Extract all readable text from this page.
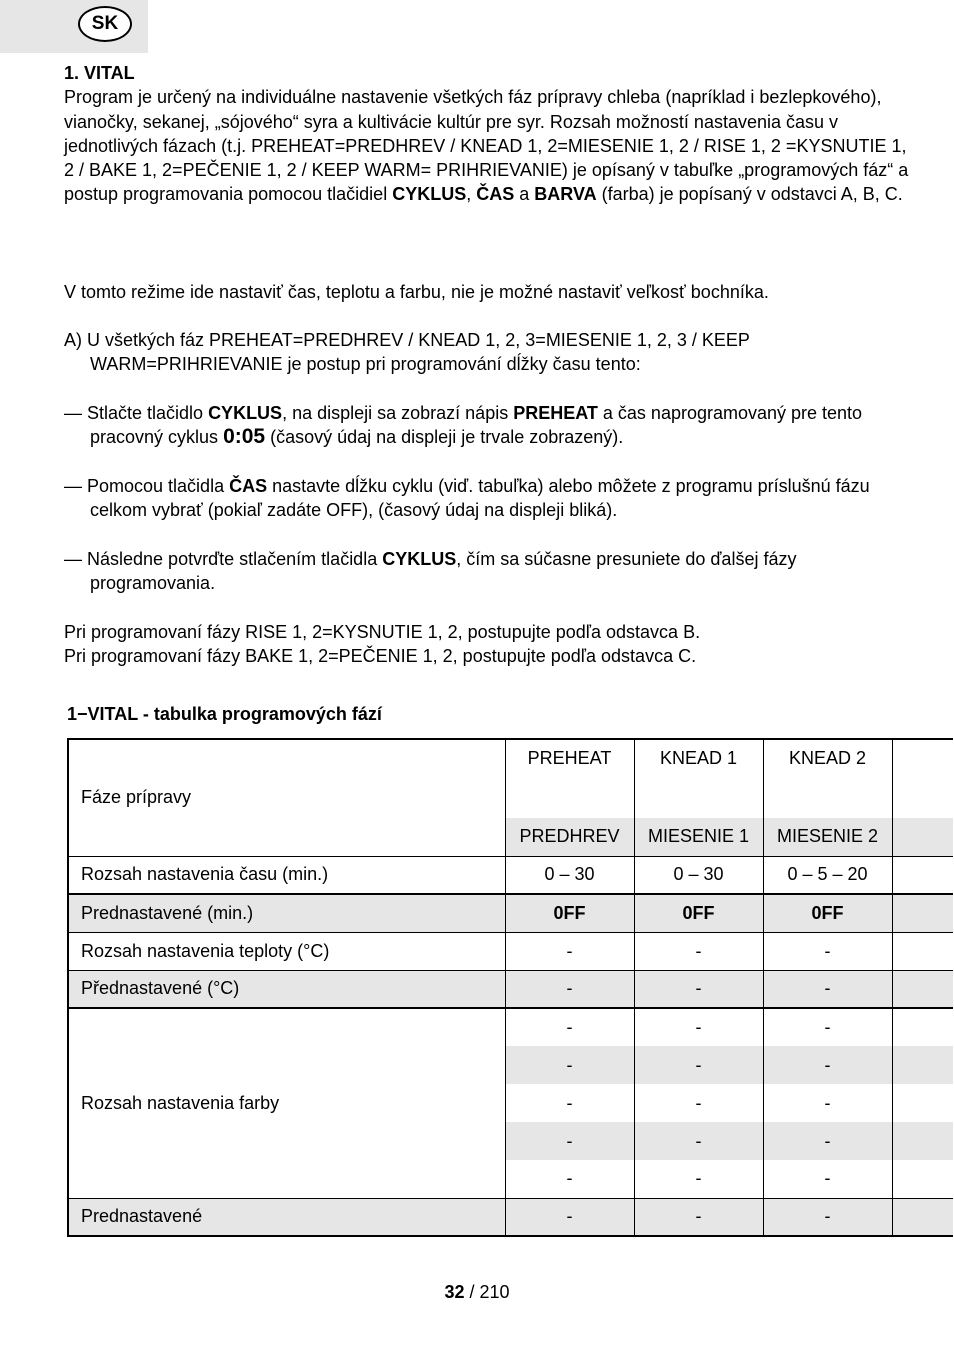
SK

1. VITAL

Program je určený na individuálne nastavenie všetkých fáz prípravy chleba (napríklad i bezlepkového), vianočky, sekanej, „sójového“ syra a kultivácie kultúr pre syr. Rozsah možností nastavenia času v jednotlivých fázach (t.j. PREHEAT=PREDHREV / KNEAD 1, 2=MIESENIE 1, 2 / RISE 1, 2 =KYSNUTIE 1, 2 / BAKE 1, 2=PEČENIE 1, 2 / KEEP WARM= PRIHRIEVANIE) je opísaný v tabuľke „programových fáz“ a postup programovania pomocou tlačidiel CYKLUS, ČAS a BARVA (farba) je popísaný v odstavci A, B, C.

V tomto režime ide nastaviť čas, teplotu a farbu, nie je možné nastaviť veľkosť bochníka.

A) U všetkých fáz PREHEAT=PREDHREV / KNEAD 1, 2, 3=MIESENIE 1, 2, 3 / KEEP WARM=PRIHRIEVANIE je postup pri programování dĺžky času tento:

— Stlačte tlačidlo CYKLUS, na displeji sa zobrazí nápis PREHEAT a čas naprogramovaný pre tento pracovný cyklus 0:05 (časový údaj na displeji je trvale zobrazený).

— Pomocou tlačidla ČAS nastavte dĺžku cyklu (viď. tabuľka) alebo môžete z programu príslušnú fázu celkom vybrať (pokiaľ zadáte OFF), (časový údaj na displeji bliká).

— Následne potvrďte stlačením tlačidla CYKLUS, čím sa súčasne presuniete do ďalšej fázy programovania.

Pri programovaní fázy RISE 1, 2=KYSNUTIE 1, 2, postupujte podľa odstavca B.

Pri programovaní fázy BAKE 1, 2=PEČENIE 1, 2, postupujte podľa odstavca C.

1−VITAL - tabulka programových fází
Fáze prípravy	PREHEAT	KNEAD 1	KNEAD 2	
	PREDHREV	MIESENIE 1	MIESENIE 2	
Rozsah nastavenia času (min.)	0 – 30	0 – 30	0 – 5 – 20	
Prednastavené (min.)	0FF	0FF	0FF	
Rozsah nastavenia teploty (°C)	-	-	-	
Přednastavené (°C)	-	-	-	
Rozsah nastavenia farby	-	-	-	
	-	-	-	
	-	-	-	
	-	-	-	
	-	-	-	
Prednastavené	-	-	-	
32 / 210
